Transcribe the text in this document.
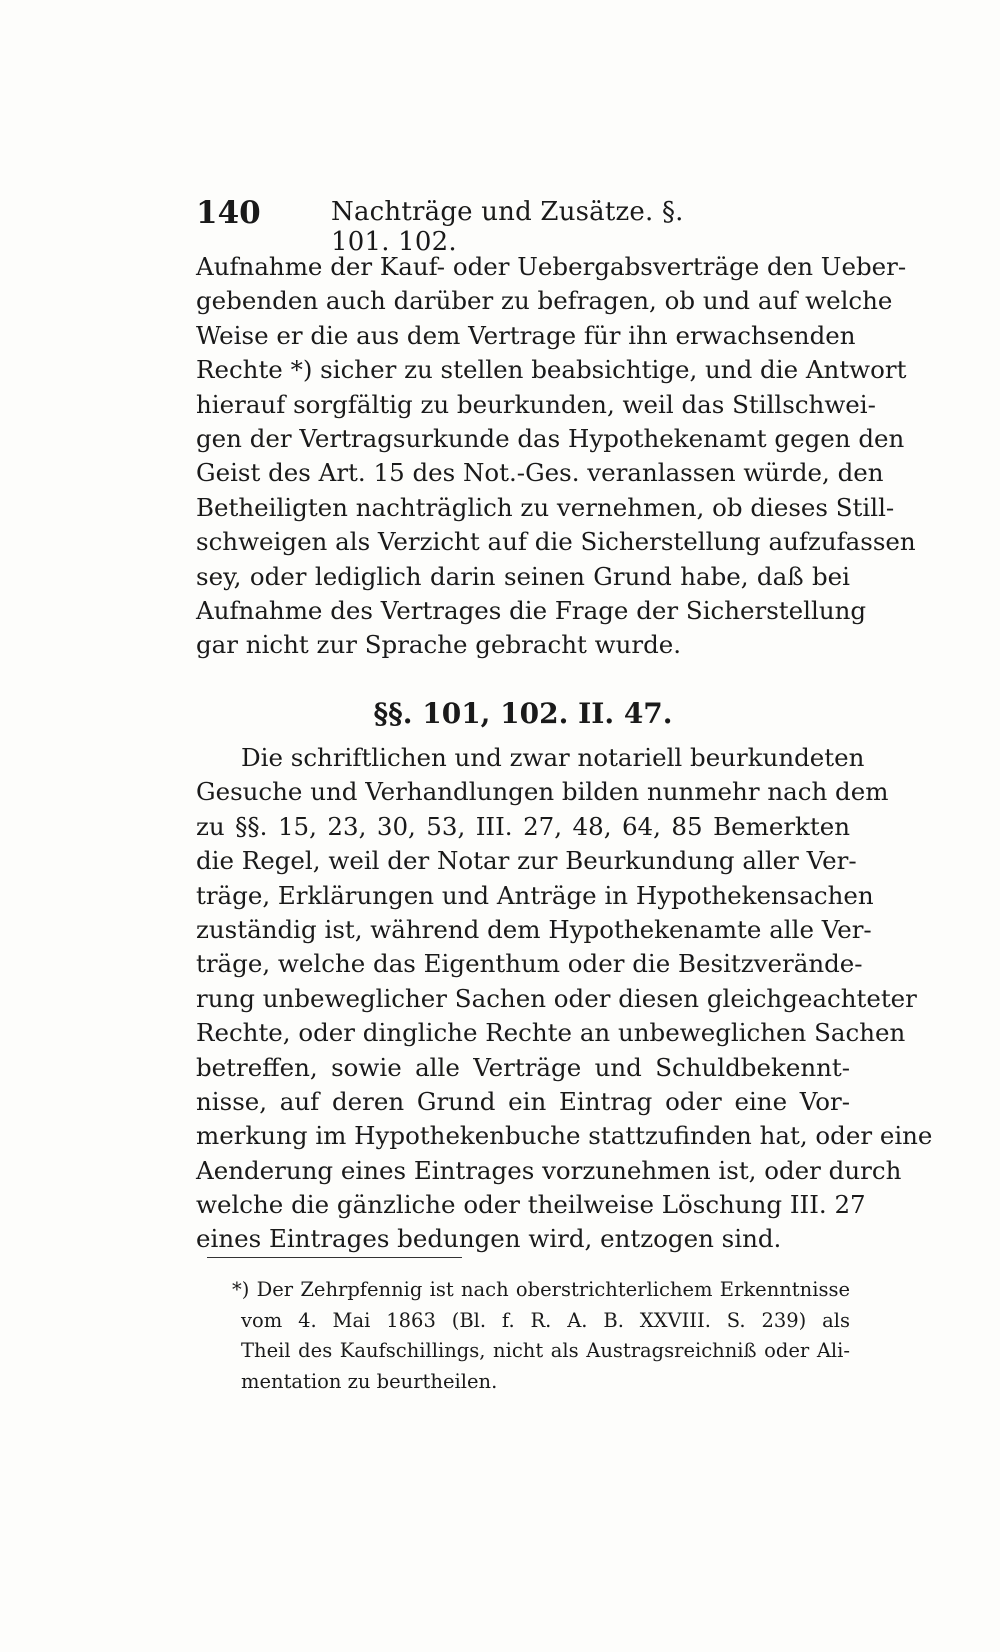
140	Nachträge und Zusätze. §. 101. 102.
Aufnahme der Kauf- oder Uebergabsverträge den Ueber-
gebenden auch darüber zu befragen, ob und auf welche
Weise er die aus dem Vertrage für ihn erwachsenden
Rechte *) sicher zu stellen beabsichtige, und die Antwort
hierauf sorgfältig zu beurkunden, weil das Stillschwei-
gen der Vertragsurkunde das Hypothekenamt gegen den
Geist des Art. 15 des Not.-Ges. veranlassen würde, den
Betheiligten nachträglich zu vernehmen, ob dieses Still-
schweigen als Verzicht auf die Sicherstellung aufzufassen
sey, oder lediglich darin seinen Grund habe, daß bei
Aufnahme des Vertrages die Frage der Sicherstellung
gar nicht zur Sprache gebracht wurde.
§§. 101, 102. II. 47.
Die schriftlichen und zwar notariell beurkundeten
Gesuche und Verhandlungen bilden nunmehr nach dem
zu §§. 15, 23, 30, 53, III. 27, 48, 64, 85 Bemerkten
die Regel, weil der Notar zur Beurkundung aller Ver-
träge, Erklärungen und Anträge in Hypothekensachen
zuständig ist, während dem Hypothekenamte alle Ver-
träge, welche das Eigenthum oder die Besitzverände-
rung unbeweglicher Sachen oder diesen gleichgeachteter
Rechte, oder dingliche Rechte an unbeweglichen Sachen
betreffen, sowie alle Verträge und Schuldbekennt-
nisse, auf deren Grund ein Eintrag oder eine Vor-
merkung im Hypothekenbuche stattzufinden hat, oder eine
Aenderung eines Eintrages vorzunehmen ist, oder durch
welche die gänzliche oder theilweise Löschung III. 27
eines Eintrages bedungen wird, entzogen sind.
*) Der Zehrpfennig ist nach oberstrichterlichem Erkenntnisse
vom 4. Mai 1863 (Bl. f. R. A. B. XXVIII. S. 239) als
Theil des Kaufschillings, nicht als Austragsreichniß oder Ali-
mentation zu beurtheilen.
